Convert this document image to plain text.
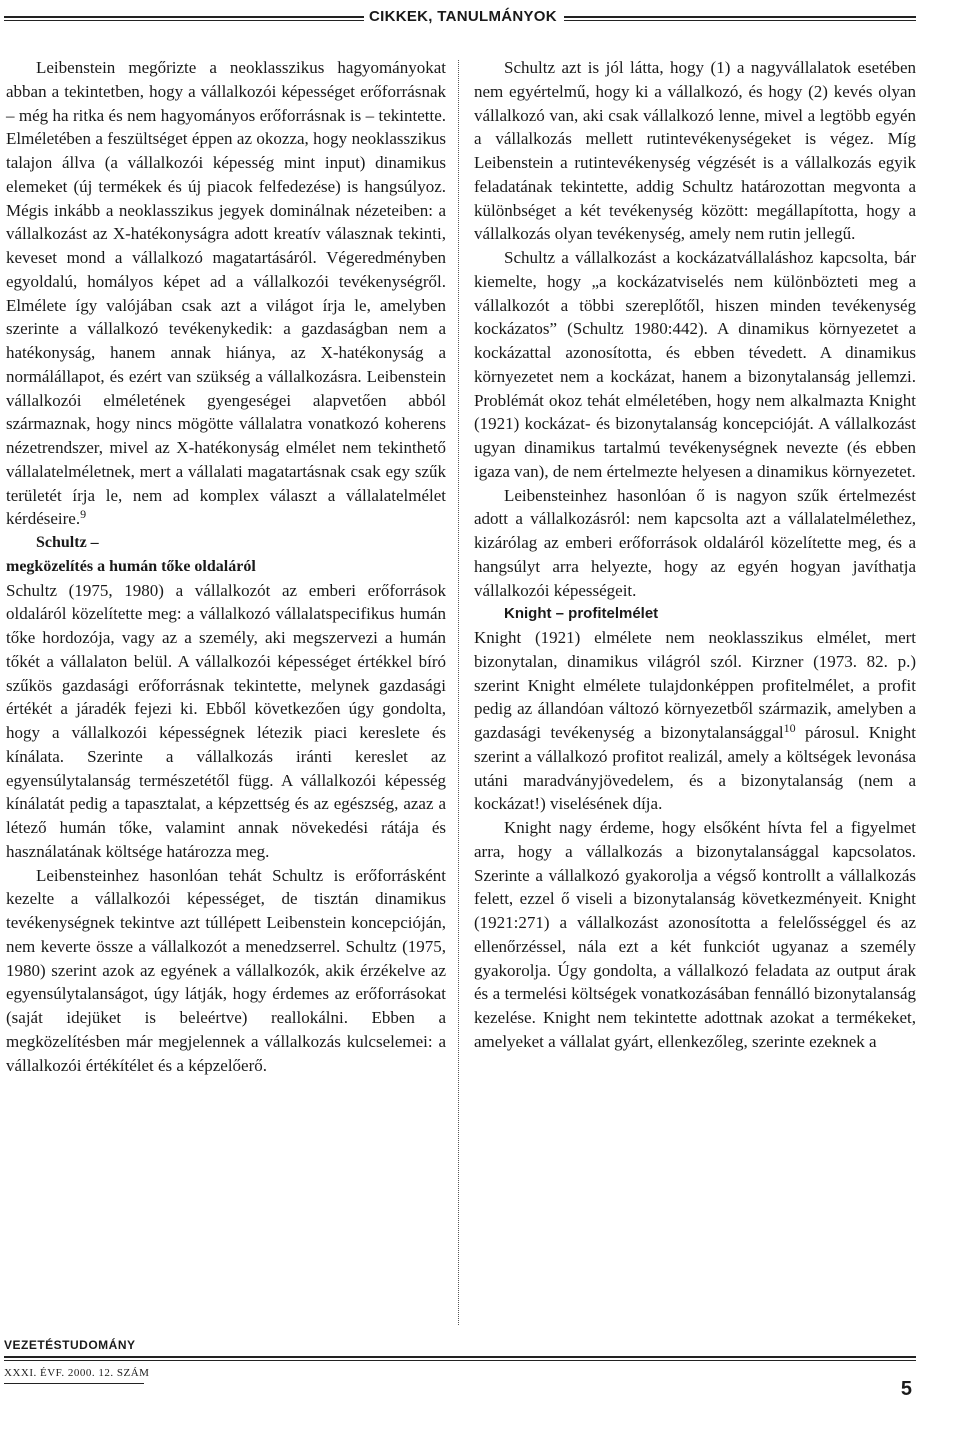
CIKKEK, TANULMÁNYOK

Leibenstein megőrizte a neoklasszikus hagyományokat abban a tekintetben, hogy a vállalkozói képességet erőforrásnak – még ha ritka és nem hagyományos erőforrásnak is – tekintette. Elméletében a feszültséget éppen az okozza, hogy neoklasszikus talajon állva (a vállalkozói képesség mint input) dinamikus elemeket (új termékek és új piacok felfedezése) is hangsúlyoz. Mégis inkább a neoklasszikus jegyek dominálnak nézeteiben: a vállalkozást az X-hatékonyságra adott kreatív válasznak tekinti, keveset mond a vállalkozó magatartásáról. Végeredményben egyoldalú, homályos képet ad a vállalkozói tevékenységről. Elmélete így valójában csak azt a világot írja le, amelyben szerinte a vállalkozó tevékenykedik: a gazdaságban nem a hatékonyság, hanem annak hiánya, az X-hatékonyság a normálállapot, és ezért van szükség a vállalkozásra. Leibenstein vállalkozói elméletének gyengeségei alapvetően abból származnak, hogy nincs mögötte vállalatra vonatkozó koherens nézetrendszer, mivel az X-hatékonyság elmélet nem tekinthető vállalatelméletnek, mert a vállalati magatartásnak csak egy szűk területét írja le, nem ad komplex választ a vállalatelmélet kérdéseire.$^9$

Schultz –
megközelítés a humán tőke oldaláról

Schultz (1975, 1980) a vállalkozót az emberi erőforrások oldaláról közelítette meg: a vállalkozó vállalatspecifikus humán tőke hordozója, vagy az a személy, aki megszervezi a humán tőkét a vállalaton belül. A vállalkozói képességet értékkel bíró szűkös gazdasági erőforrásnak tekintette, melynek gazdasági értékét a járadék fejezi ki. Ebből következően úgy gondolta, hogy a vállalkozói képességnek létezik piaci kereslete és kínálata. Szerinte a vállalkozás iránti kereslet az egyensúlytalanság természetétől függ. A vállalkozói képesség kínálatát pedig a tapasztalat, a képzettség és az egészség, azaz a létező humán tőke, valamint annak növekedési rátája és használatának költsége határozza meg.

Leibensteinhez hasonlóan tehát Schultz is erőforrásként kezelte a vállalkozói képességet, de tisztán dinamikus tevékenységnek tekintve azt túllépett Leibenstein koncepcióján, nem keverte össze a vállalkozót a menedzserrel. Schultz (1975, 1980) szerint azok az egyének a vállalkozók, akik érzékelve az egyensúlytalanságot, úgy látják, hogy érdemes az erőforrásokat (saját idejüket is beleértve) reallokálni. Ebben a megközelítésben már megjelennek a vállalkozás kulcselemei: a vállalkozói értékítélet és a képzelőerő.

Schultz azt is jól látta, hogy (1) a nagyvállalatok esetében nem egyértelmű, hogy ki a vállalkozó, és hogy (2) kevés olyan vállalkozó van, aki csak vállalkozó lenne, mivel a legtöbb egyén a vállalkozás mellett rutintevékenységeket is végez. Míg Leibenstein a rutintevékenység végzését is a vállalkozás egyik feladatának tekintette, addig Schultz határozottan megvonta a különbséget a két tevékenység között: megállapította, hogy a vállalkozás olyan tevékenység, amely nem rutin jellegű.

Schultz a vállalkozást a kockázatvállaláshoz kapcsolta, bár kiemelte, hogy „a kockázatviselés nem különbözteti meg a vállalkozót a többi szereplőtől, hiszen minden tevékenység kockázatos” (Schultz 1980:442). A dinamikus környezetet a kockázattal azonosította, és ebben tévedett. A dinamikus környezetet nem a kockázat, hanem a bizonytalanság jellemzi. Problémát okoz tehát elméletében, hogy nem alkalmazta Knight (1921) kockázat- és bizonytalanság koncepcióját. A vállalkozást ugyan dinamikus tartalmú tevékenységnek nevezte (és ebben igaza van), de nem értelmezte helyesen a dinamikus környezetet.

Leibensteinhez hasonlóan ő is nagyon szűk értelmezést adott a vállalkozásról: nem kapcsolta azt a vállalatelmélethez, kizárólag az emberi erőforrások oldaláról közelítette meg, és a hangsúlyt arra helyezte, hogy az egyén hogyan javíthatja vállalkozói képességeit.

Knight – profitelmélet

Knight (1921) elmélete nem neoklasszikus elmélet, mert bizonytalan, dinamikus világról szól. Kirzner (1973. 82. p.) szerint Knight elmélete tulajdonképpen profitelmélet, a profit pedig az állandóan változó környezetből származik, amelyben a gazdasági tevékenység a bizonytalansággal$^{10}$ párosul. Knight szerint a vállalkozó profitot realizál, amely a költségek levonása utáni maradványjövedelem, és a bizonytalanság (nem a kockázat!) viselésének díja.

Knight nagy érdeme, hogy elsőként hívta fel a figyelmet arra, hogy a vállalkozás a bizonytalansággal kapcsolatos. Szerinte a vállalkozó gyakorolja a végső kontrollt a vállalkozás felett, ezzel ő viseli a bizonytalanság következményeit. Knight (1921:271) a vállalkozást azonosította a felelősséggel és az ellenőrzéssel, nála ezt a két funkciót ugyanaz a személy gyakorolja. Úgy gondolta, a vállalkozó feladata az output árak és a termelési költségek vonatkozásában fennálló bizonytalanság kezelése. Knight nem tekintette adottnak azokat a termékeket, amelyeket a vállalat gyárt, ellenkezőleg, szerinte ezeknek a

VEZETÉSTUDOMÁNY
XXXI. ÉVF. 2000. 12. SZÁM
5
